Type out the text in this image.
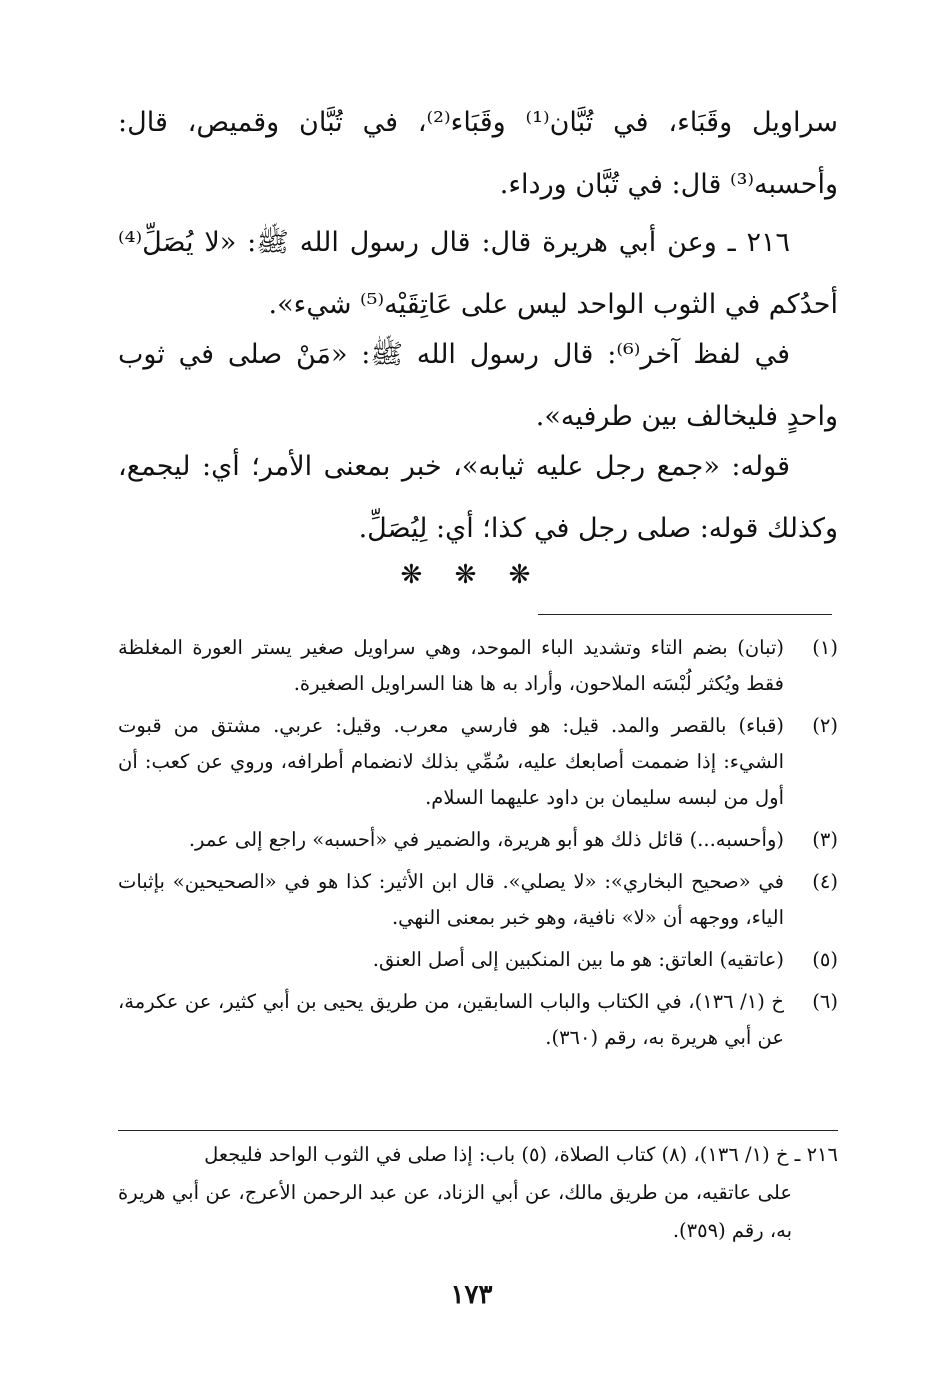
سراويل وقَبَاء، في تُبَّان⁽¹⁾ وقَبَاء⁽²⁾، في تُبَّان وقميص، قال: وأحسبه⁽³⁾ قال: في تُبَّان ورداء.

٢١٦ ـ وعن أبي هريرة قال: قال رسول الله ﷺ: «لا يُصَلِّ⁽⁴⁾ أحدُكم في الثوب الواحد ليس على عَاتِقَيْه⁽⁵⁾ شيء».

في لفظ آخر⁽⁶⁾: قال رسول الله ﷺ: «مَنْ صلى في ثوب واحدٍ فليخالف بين طرفيه».

قوله: «جمع رجل عليه ثيابه»، خبر بمعنى الأمر؛ أي: ليجمع، وكذلك قوله: صلى رجل في كذا؛ أي: لِيُصَلِّ.

❋ ❋ ❋
(١)
(تبان) بضم التاء وتشديد الباء الموحد، وهي سراويل صغير يستر العورة المغلظة فقط ويُكثر لُبْسَه الملاحون، وأراد به ها هنا السراويل الصغيرة.
(٢)
(قباء) بالقصر والمد. قيل: هو فارسي معرب. وقيل: عربي. مشتق من قبوت الشيء: إذا ضممت أصابعك عليه، سُمِّي بذلك لانضمام أطرافه، وروي عن كعب: أن أول من لبسه سليمان بن داود عليهما السلام.
(٣)
(وأحسبه...) قائل ذلك هو أبو هريرة، والضمير في «أحسبه» راجع إلى عمر.
(٤)
في «صحيح البخاري»: «لا يصلي». قال ابن الأثير: كذا هو في «الصحيحين» بإثبات الياء، ووجهه أن «لا» نافية، وهو خبر بمعنى النهي.
(٥)
(عاتقيه) العاتق: هو ما بين المنكبين إلى أصل العنق.
(٦)
خ (١/ ١٣٦)، في الكتاب والباب السابقين، من طريق يحيى بن أبي كثير، عن عكرمة، عن أبي هريرة به، رقم (٣٦٠).
٢١٦ ـ خ (١/ ١٣٦)، (٨) كتاب الصلاة، (٥) باب: إذا صلى في الثوب الواحد فليجعل
على عاتقيه، من طريق مالك، عن أبي الزناد، عن عبد الرحمن الأعرج، عن أبي هريرة به، رقم (٣٥٩).
١٧٣
